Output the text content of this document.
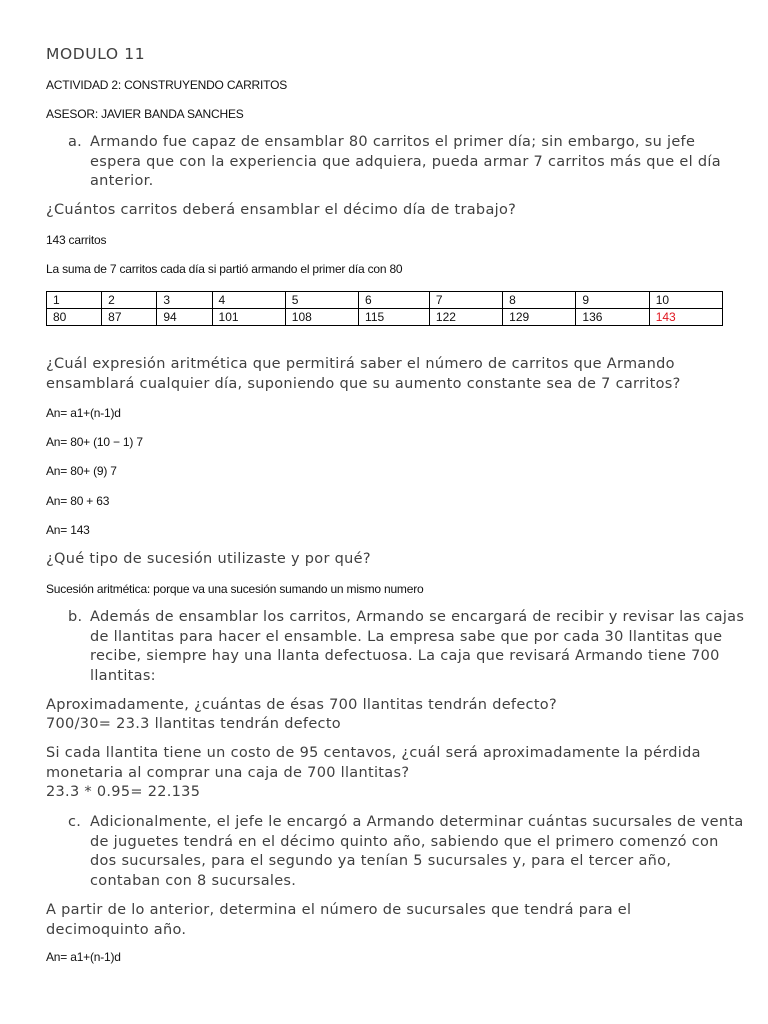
MODULO 11
ACTIVIDAD 2: CONSTRUYENDO CARRITOS
ASESOR: JAVIER BANDA SANCHES
a. Armando fue capaz de ensamblar 80 carritos el primer día; sin embargo, su jefe espera que con la experiencia que adquiera, pueda armar 7 carritos más que el día anterior.
¿Cuántos carritos deberá ensamblar el décimo día de trabajo?
143 carritos
La suma de 7 carritos cada día si partió armando el primer día con 80
1	2	3	4	5	6	7	8	9	10
80	87	94	101	108	115	122	129	136	143
¿Cuál expresión aritmética que permitirá saber el número de carritos que Armando ensamblará cualquier día, suponiendo que su aumento constante sea de 7 carritos?
An= a1+(n-1)d
An= 80+ (10 − 1) 7
An= 80+ (9) 7
An= 80 + 63
An= 143
¿Qué tipo de sucesión utilizaste y por qué?
Sucesión aritmética: porque va una sucesión sumando un mismo numero
b. Además de ensamblar los carritos, Armando se encargará de recibir y revisar las cajas de llantitas para hacer el ensamble. La empresa sabe que por cada 30 llantitas que recibe, siempre hay una llanta defectuosa. La caja que revisará Armando tiene 700 llantitas:
Aproximadamente, ¿cuántas de ésas 700 llantitas tendrán defecto?
700/30= 23.3 llantitas tendrán defecto
Si cada llantita tiene un costo de 95 centavos, ¿cuál será aproximadamente la pérdida monetaria al comprar una caja de 700 llantitas?
23.3 * 0.95= 22.135
c. Adicionalmente, el jefe le encargó a Armando determinar cuántas sucursales de venta de juguetes tendrá en el décimo quinto año, sabiendo que el primero comenzó con dos sucursales, para el segundo ya tenían 5 sucursales y, para el tercer año, contaban con 8 sucursales.
A partir de lo anterior, determina el número de sucursales que tendrá para el decimoquinto año.
An= a1+(n-1)d
